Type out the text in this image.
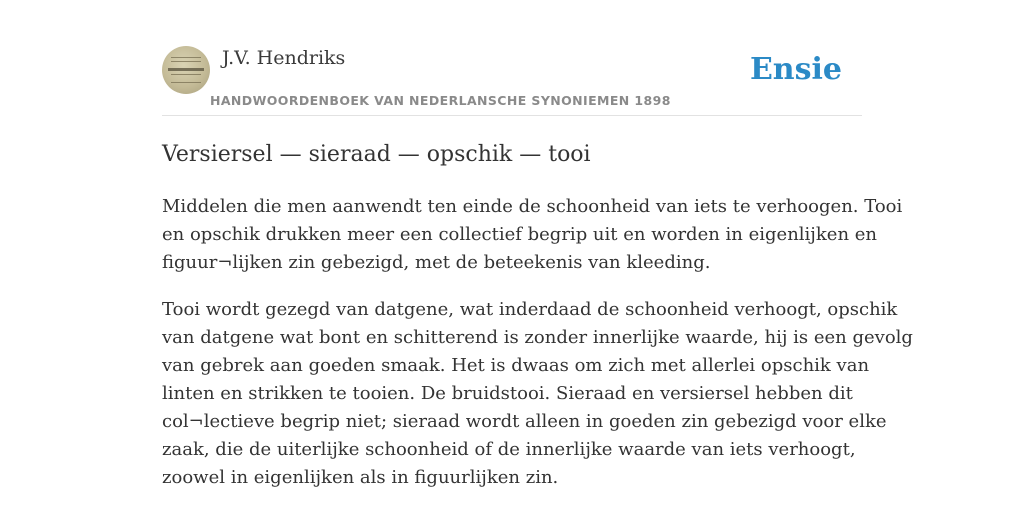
J.V. Hendriks
HANDWOORDENBOEK VAN NEDERLANSCHE SYNONIEMEN 1898
Ensie
Versiersel — sieraad — opschik — tooi

Middelen die men aanwendt ten einde de schoonheid van iets te verhoogen. Tooi
en opschik drukken meer een collectief begrip uit en worden in eigenlijken en
figuur¬lijken zin gebezigd, met de beteekenis van kleeding.

Tooi wordt gezegd van datgene, wat inderdaad de schoonheid verhoogt, opschik
van datgene wat bont en schitterend is zonder innerlijke waarde, hij is een gevolg
van gebrek aan goeden smaak. Het is dwaas om zich met allerlei opschik van
linten en strikken te tooien. De bruidstooi. Sieraad en versiersel hebben dit
col¬lectieve begrip niet; sieraad wordt alleen in goeden zin gebezigd voor elke
zaak, die de uiterlijke schoonheid of de innerlijke waarde van iets verhoogt,
zoowel in eigenlijken als in figuurlijken zin.
